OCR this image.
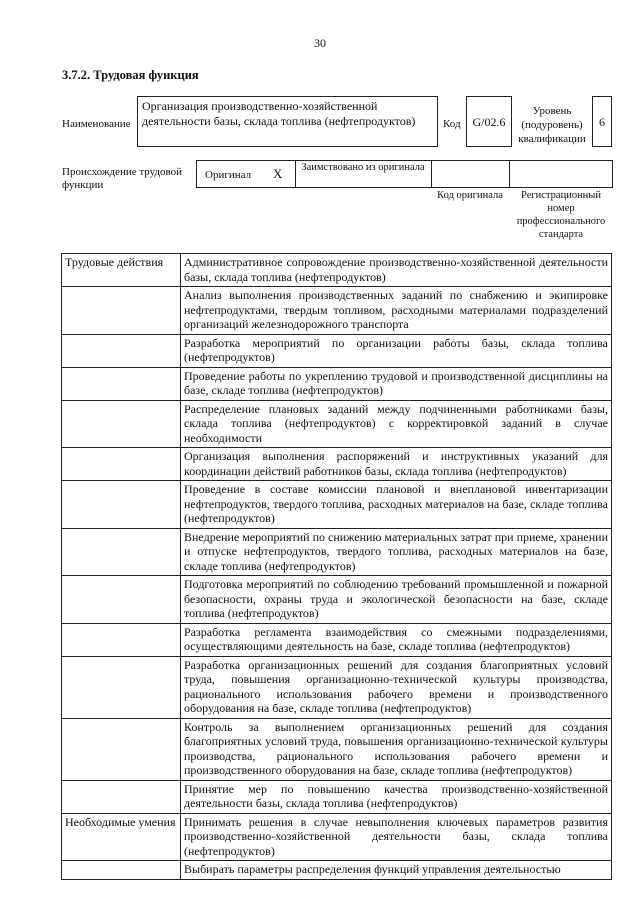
30
3.7.2. Трудовая функция
Наименование
Организация производственно-хозяйственной деятельности базы, склада топлива (нефтепродуктов)	Код G/02.6
Уровень (подуровень) квалификации
6
Происхождение трудовой функции
Оригинал X	Заимствовано из оригинала
Код оригинала	Регистрационный номер профессионального стандарта
Трудовые действия	Административное сопровождение производственно-хозяйственной деятельности базы, склада топлива (нефтепродуктов)
	Анализ выполнения производственных заданий по снабжению и экипировке нефтепродуктами, твердым топливом, расходными материалами подразделений организаций железнодорожного транспорта
	Разработка мероприятий по организации работы базы, склада топлива (нефтепродуктов)
	Проведение работы по укреплению трудовой и производственной дисциплины на базе, складе топлива (нефтепродуктов)
	Распределение плановых заданий между подчиненными работниками базы, склада топлива (нефтепродуктов) с корректировкой заданий в случае необходимости
	Организация выполнения распоряжений и инструктивных указаний для координации действий работников базы, склада топлива (нефтепродуктов)
	Проведение в составе комиссии плановой и внеплановой инвентаризации нефтепродуктов, твердого топлива, расходных материалов на базе, складе топлива (нефтепродуктов)
	Внедрение мероприятий по снижению материальных затрат при приеме, хранении и отпуске нефтепродуктов, твердого топлива, расходных материалов на базе, складе топлива (нефтепродуктов)
	Подготовка мероприятий по соблюдению требований промышленной и пожарной безопасности, охраны труда и экологической безопасности на базе, складе топлива (нефтепродуктов)
	Разработка регламента взаимодействия со смежными подразделениями, осуществляющими деятельность на базе, складе топлива (нефтепродуктов)
	Разработка организационных решений для создания благоприятных условий труда, повышения организационно-технической культуры производства, рационального использования рабочего времени и производственного оборудования на базе, складе топлива (нефтепродуктов)
	Контроль за выполнением организационных решений для создания благоприятных условий труда, повышения организационно-технической культуры производства, рационального использования рабочего времени и производственного оборудования на базе, складе топлива (нефтепродуктов)
	Принятие мер по повышению качества производственно-хозяйственной деятельности базы, склада топлива (нефтепродуктов)
Необходимые умения	Принимать решения в случае невыполнения ключевых параметров развития производственно-хозяйственной деятельности базы, склада топлива (нефтепродуктов)
	Выбирать параметры распределения функций управления деятельностью
